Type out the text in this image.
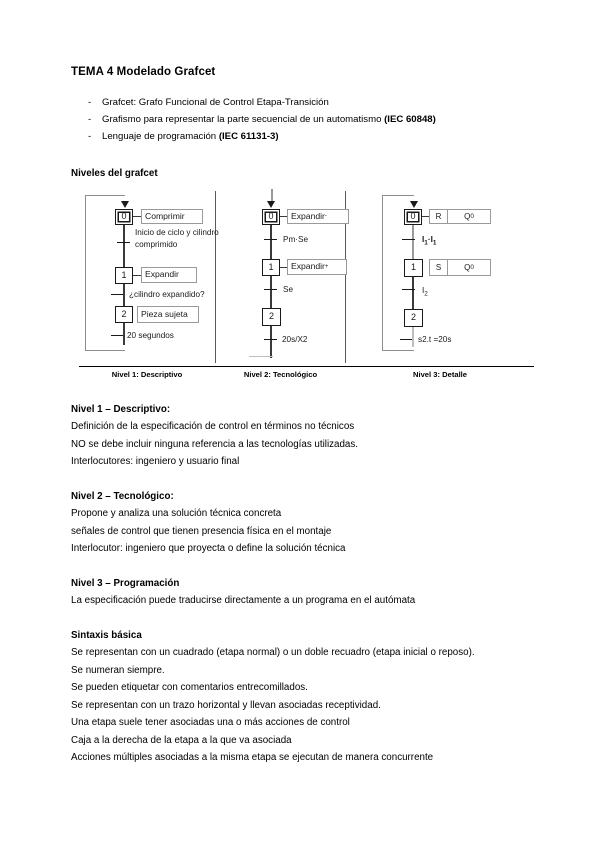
TEMA 4 Modelado Grafcet
-	Grafcet: Grafo Funcional de Control Etapa-Transición
-	Grafismo para representar la parte secuencial de un automatismo (IEC 60848)
-	Lenguaje de programación (IEC 61131-3)
Niveles del grafcet
0	Comprimir
Inicio de ciclo y cilindro comprimido
1	Expandir
¿cilindro expandido?
2	Pieza sujeta
20 segundos
0	Expandir -
Pm·Se
1	Expandir +
Se
2
20s/X2
0	R	Q 0
$I_1\cdot I_1$
1	S	Q 0
$I_2$
2
s2.t =20s
Nivel 1: Descriptivo	Nivel 2: Tecnológico	Nivel 3: Detalle
Nivel 1 – Descriptivo:
Definición de la especificación de control en términos no técnicos
NO se debe incluir ninguna referencia a las tecnologías utilizadas.
Interlocutores: ingeniero y usuario final
Nivel 2 – Tecnológico:
Propone y analiza una solución técnica concreta
señales de control que tienen presencia física en el montaje
Interlocutor: ingeniero que proyecta o define la solución técnica
Nivel 3 – Programación
La especificación puede traducirse directamente a un programa en el autómata
Sintaxis básica
Se representan con un cuadrado (etapa normal) o un doble recuadro (etapa inicial o reposo).
Se numeran siempre.
Se pueden etiquetar con comentarios entrecomillados.
Se representan con un trazo horizontal y llevan asociadas receptividad.
Una etapa suele tener asociadas una o más acciones de control
Caja a la derecha de la etapa a la que va asociada
Acciones múltiples asociadas a la misma etapa se ejecutan de manera concurrente
